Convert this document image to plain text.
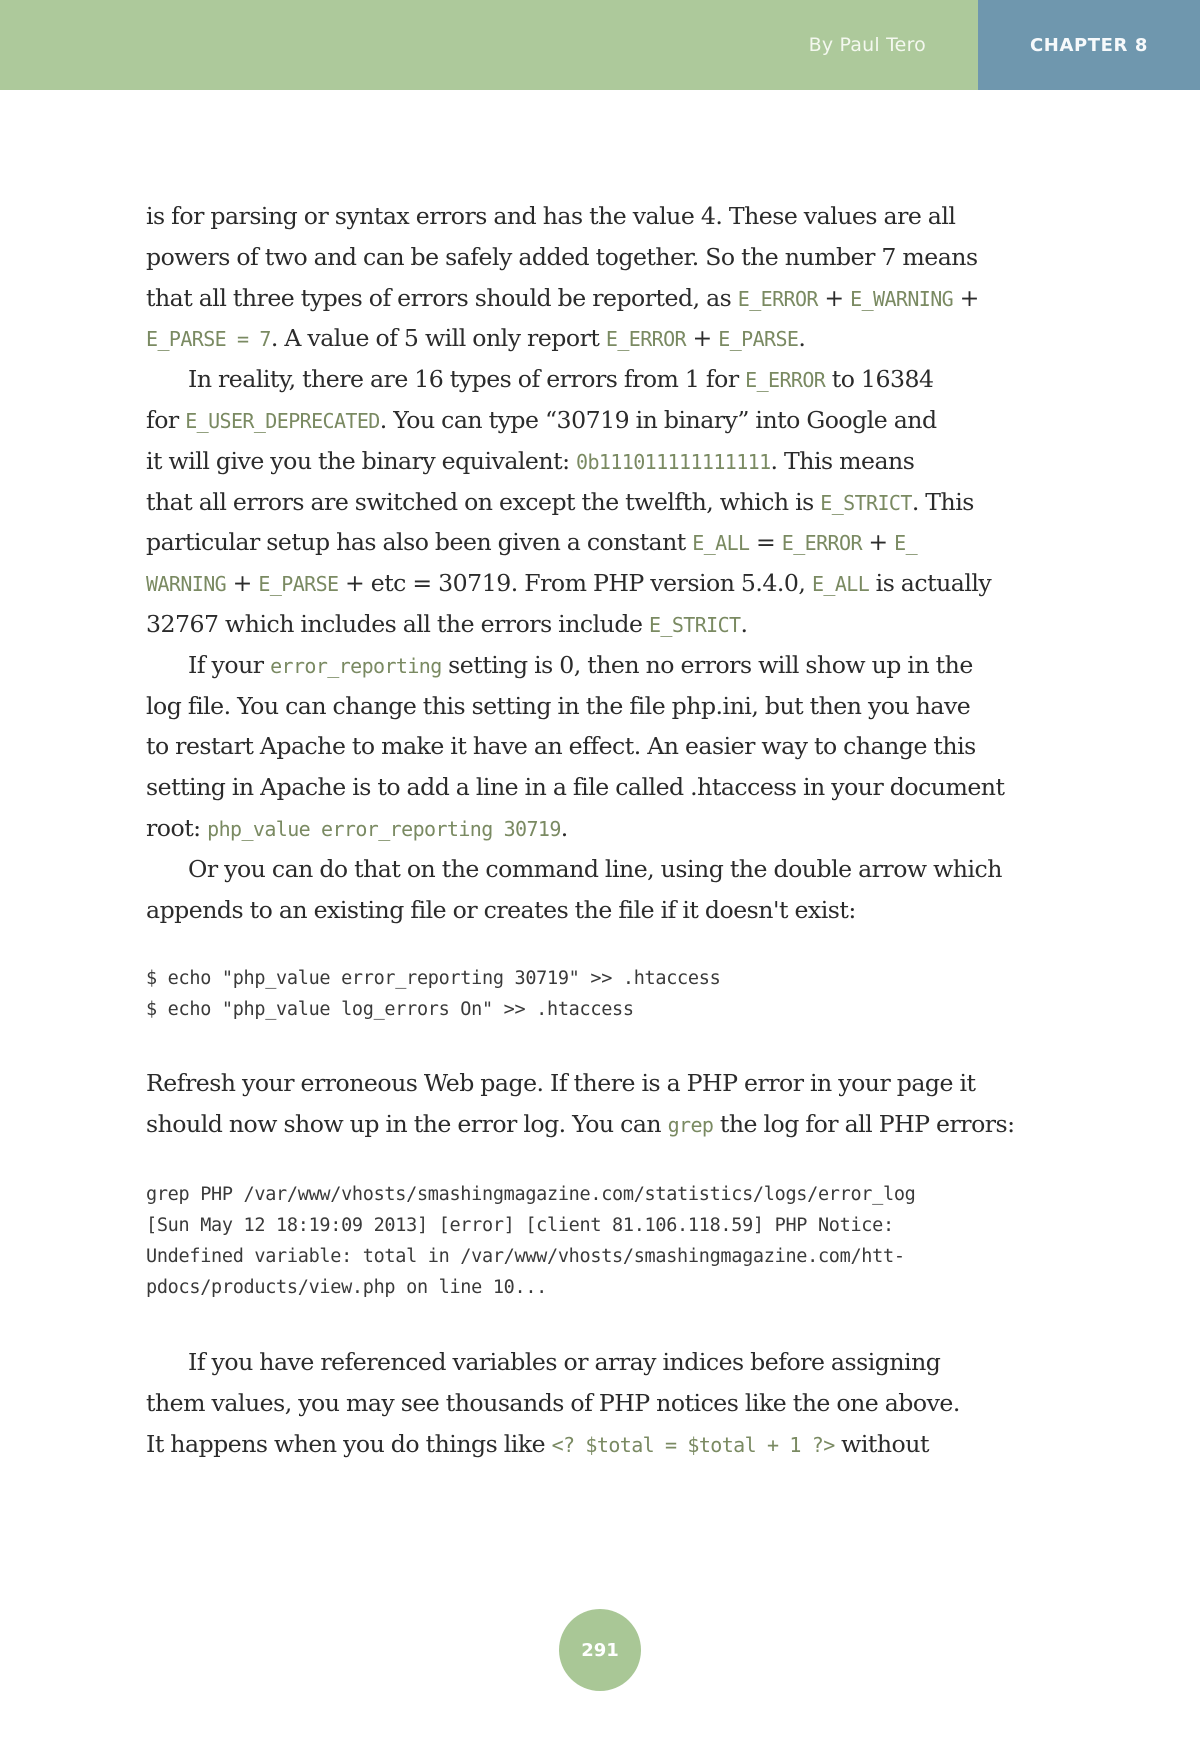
By Paul Tero	CHAPTER 8
is for parsing or syntax errors and has the value 4. These values are all
powers of two and can be safely added together. So the number 7 means
that all three types of errors should be reported, as E_ERROR + E_WARNING +
E_PARSE = 7. A value of 5 will only report E_ERROR + E_PARSE.
In reality, there are 16 types of errors from 1 for E_ERROR to 16384
for E_USER_DEPRECATED. You can type “30719 in binary” into Google and
it will give you the binary equivalent: 0b111011111111111. This means
that all errors are switched on except the twelfth, which is E_STRICT. This
particular setup has also been given a constant E_ALL = E_ERROR + E_
WARNING + E_PARSE + etc = 30719. From PHP version 5.4.0, E_ALL is actually
32767 which includes all the errors include E_STRICT.
If your error_reporting setting is 0, then no errors will show up in the
log file. You can change this setting in the file php.ini, but then you have
to restart Apache to make it have an effect. An easier way to change this
setting in Apache is to add a line in a file called .htaccess in your document
root: php_value error_reporting 30719.
Or you can do that on the command line, using the double arrow which
appends to an existing file or creates the file if it doesn't exist:
$ echo "php_value error_reporting 30719" >> .htaccess
$ echo "php_value log_errors On" >> .htaccess
Refresh your erroneous Web page. If there is a PHP error in your page it
should now show up in the error log. You can grep the log for all PHP errors:
grep PHP /var/www/vhosts/smashingmagazine.com/statistics/logs/error_log
[Sun May 12 18:19:09 2013] [error] [client 81.106.118.59] PHP Notice:
Undefined variable: total in /var/www/vhosts/smashingmagazine.com/htt-
pdocs/products/view.php on line 10...
If you have referenced variables or array indices before assigning
them values, you may see thousands of PHP notices like the one above.
It happens when you do things like <? $total = $total + 1 ?> without
291
